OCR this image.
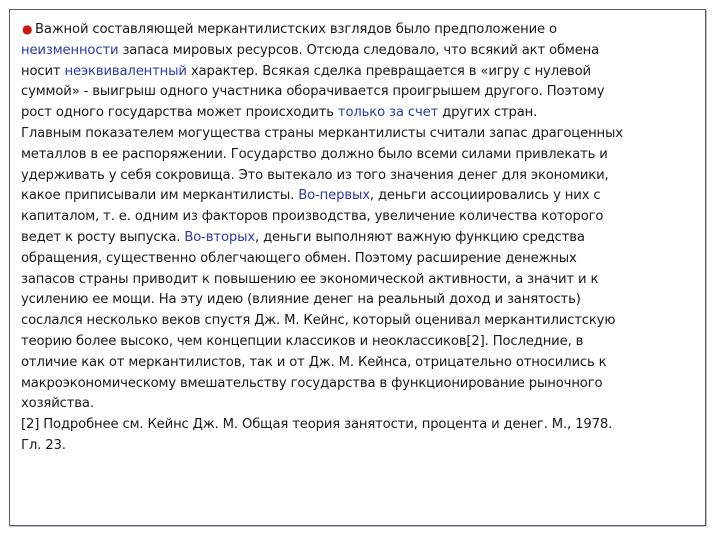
● Важной составляющей меркантилистских взглядов было предположение о
неизменности запаса мировых ресурсов. Отсюда следовало, что всякий акт обмена
носит неэквивалентный характер. Всякая сделка превращается в «игру с нулевой
суммой» - выигрыш одного участника оборачивается проигрышем другого. Поэтому
рост одного государства может происходить только за счет других стран.
Главным показателем могущества страны меркантилисты считали запас драгоценных
металлов в ее распоряжении. Государство должно было всеми силами привлекать и
удерживать у себя сокровища. Это вытекало из того значения денег для экономики,
какое приписывали им меркантилисты. Во-первых, деньги ассоциировались у них с
капиталом, т. е. одним из факторов производства, увеличение количества которого
ведет к росту выпуска. Во-вторых, деньги выполняют важную функцию средства
обращения, существенно облегчающего обмен. Поэтому расширение денежных
запасов страны приводит к повышению ее экономической активности, а значит и к
усилению ее мощи. На эту идею (влияние денег на реальный доход и занятость)
сослался несколько веков спустя Дж. М. Кейнс, который оценивал меркантилистскую
теорию более высоко, чем концепции классиков и неоклассиков[2]. Последние, в
отличие как от меркантилистов, так и от Дж. М. Кейнса, отрицательно относились к
макроэкономическому вмешательству государства в функционирование рыночного
хозяйства.
[2] Подробнее см. Кейнс Дж. М. Общая теория занятости, процента и денег. М., 1978.
Гл. 23.
